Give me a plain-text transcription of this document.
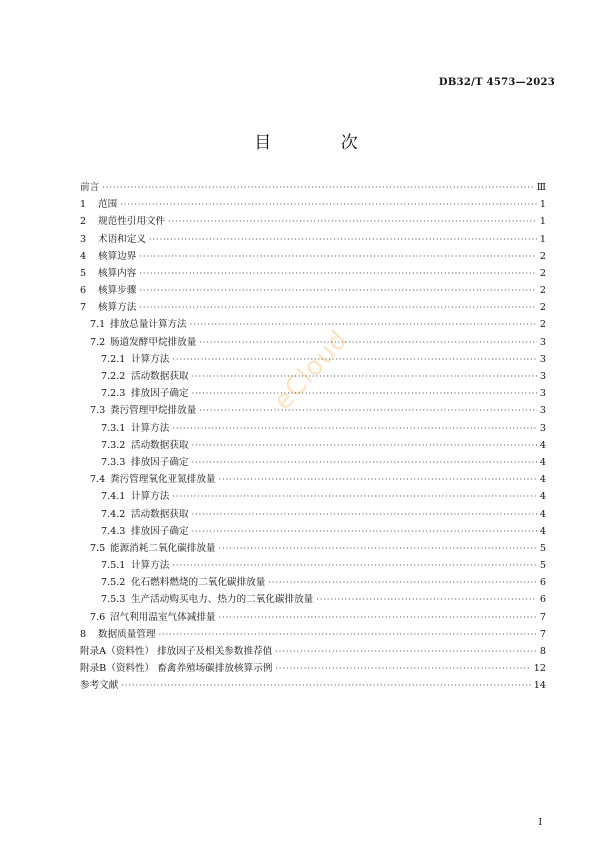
DB32/T 4573—2023
目 次
eCloud
前言 ·····	Ⅲ
1	范围 ·····	1
2	规范性引用文件 ·····	1
3	术语和定义 ·····	1
4	核算边界 ·····	2
5	核算内容 ·····	2
6	核算步骤 ·····	2
7	核算方法 ·····	2
7.1 排放总量计算方法 ·····	2
7.2 肠道发酵甲烷排放量 ·····	3
7.2.1 计算方法 ·····	3
7.2.2 活动数据获取 ·····	3
7.2.3 排放因子确定 ·····	3
7.3 粪污管理甲烷排放量 ·····	3
7.3.1 计算方法 ·····	3
7.3.2 活动数据获取 ·····	4
7.3.3 排放因子确定 ·····	4
7.4 粪污管理氧化亚氮排放量 ·····	4
7.4.1 计算方法 ·····	4
7.4.2 活动数据获取 ·····	4
7.4.3 排放因子确定 ·····	4
7.5 能源消耗二氧化碳排放量 ·····	5
7.5.1 计算方法 ·····	5
7.5.2 化石燃料燃烧的二氧化碳排放量 ·····	6
7.5.3 生产活动购买电力、热力的二氧化碳排放量 ·····	6
7.6 沼气利用温室气体减排量 ·····	7
8	数据质量管理 ·····	7
附录A（资料性） 排放因子及相关参数推荐值 ·····	8
附录B（资料性） 畜禽养殖场碳排放核算示例 ·····	12
参考文献 ·····	14
I
